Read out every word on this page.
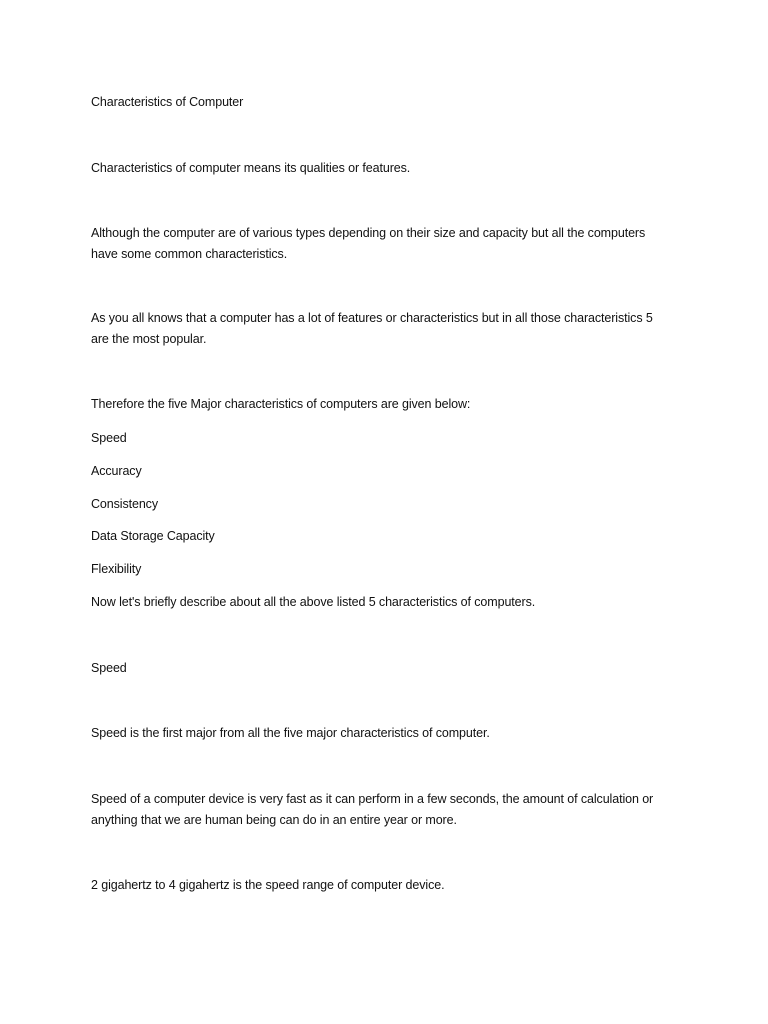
Characteristics of Computer
Characteristics of computer means its qualities or features.
Although the computer are of various types depending on their size and capacity but all the computers
have some common characteristics.
As you all knows that a computer has a lot of features or characteristics but in all those characteristics 5
are the most popular.
Therefore the five Major characteristics of computers are given below:
Speed
Accuracy
Consistency
Data Storage Capacity
Flexibility
Now let's briefly describe about all the above listed 5 characteristics of computers.
Speed
Speed is the first major from all the five major characteristics of computer.
Speed of a computer device is very fast as it can perform in a few seconds, the amount of calculation or
anything that we are human being can do in an entire year or more.
2 gigahertz to 4 gigahertz is the speed range of computer device.
